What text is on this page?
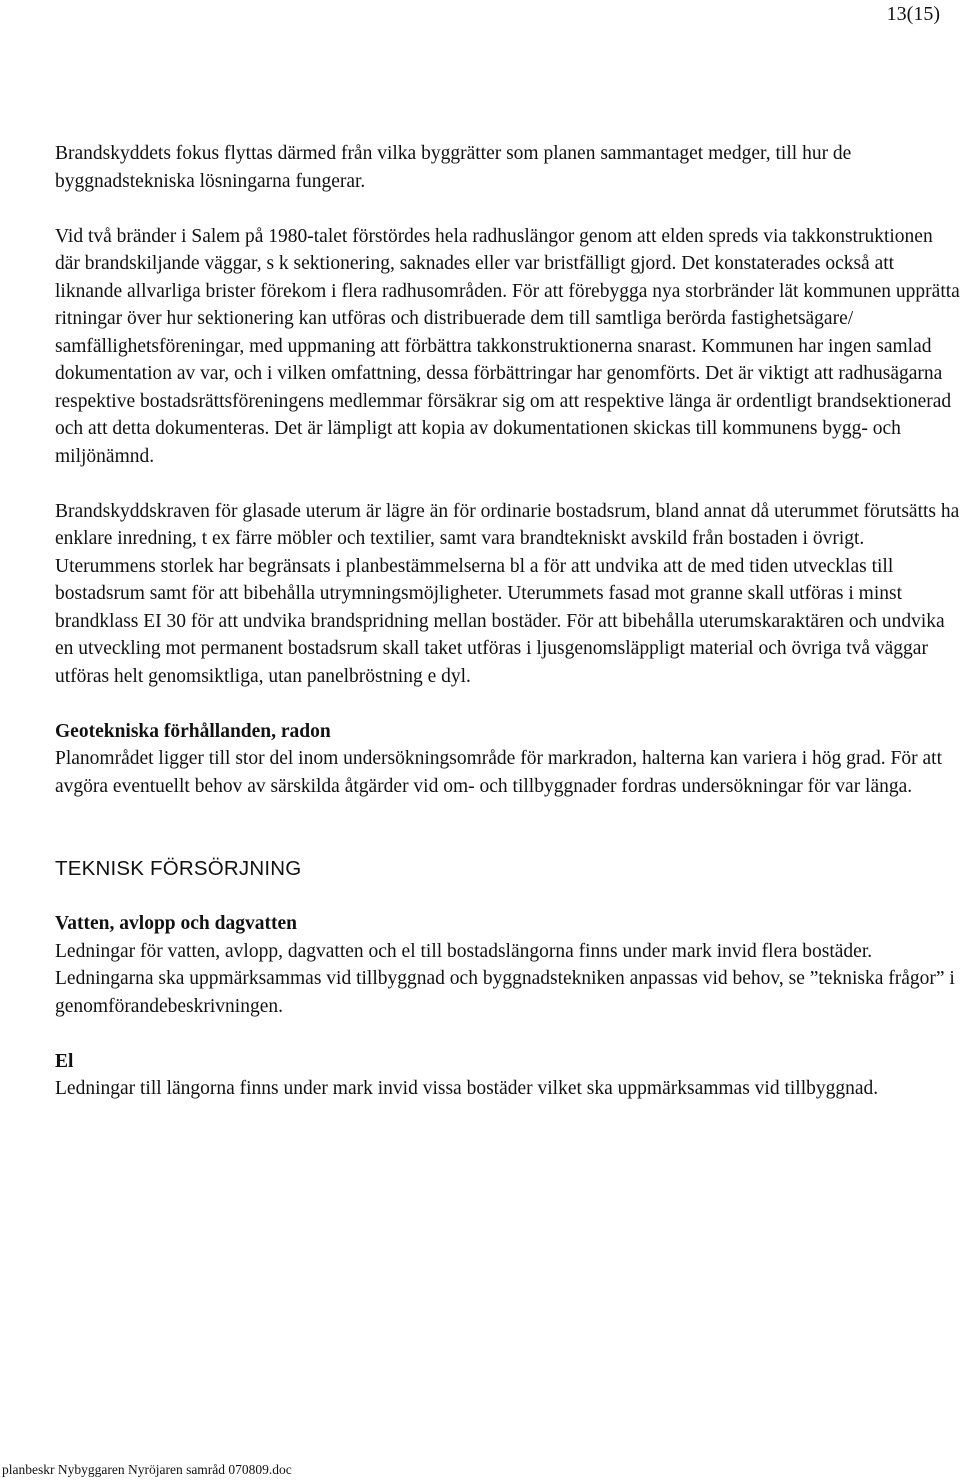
13(15)

Brandskyddets fokus flyttas därmed från vilka byggrätter som planen sammantaget medger, till hur de byggnadstekniska lösningarna fungerar.

Vid två bränder i Salem på 1980-talet förstördes hela radhuslängor genom att elden spreds via takkonstruktionen där brandskiljande väggar, s k sektionering, saknades eller var bristfälligt gjord. Det konstaterades också att liknande allvarliga brister förekom i flera radhusområden. För att förebygga nya storbränder lät kommunen upprätta ritningar över hur sektionering kan utföras och distribuerade dem till samtliga berörda fastighetsägare/ samfällighetsföreningar, med uppmaning att förbättra takkonstruktionerna snarast. Kommunen har ingen samlad dokumentation av var, och i vilken omfattning, dessa förbättringar har genomförts. Det är viktigt att radhusägarna respektive bostadsrättsföreningens medlemmar försäkrar sig om att respektive länga är ordentligt brandsektionerad och att detta dokumenteras. Det är lämpligt att kopia av dokumentationen skickas till kommunens bygg- och miljönämnd.

Brandskyddskraven för glasade uterum är lägre än för ordinarie bostadsrum, bland annat då uterummet förutsätts ha enklare inredning, t ex färre möbler och textilier, samt vara brandtekniskt avskild från bostaden i övrigt. Uterummens storlek har begränsats i planbestämmelserna bl a för att undvika att de med tiden utvecklas till bostadsrum samt för att bibehålla utrymningsmöjligheter. Uterummets fasad mot granne skall utföras i minst brandklass EI 30 för att undvika brandspridning mellan bostäder. För att bibehålla uterumskaraktären och undvika en utveckling mot permanent bostadsrum skall taket utföras i ljusgenomsläppligt material och övriga två väggar utföras helt genomsiktliga, utan panelbröstning e dyl.

Geotekniska förhållanden, radon

Planområdet ligger till stor del inom undersökningsområde för markradon, halterna kan variera i hög grad. För att avgöra eventuellt behov av särskilda åtgärder vid om- och tillbyggnader fordras undersökningar för var länga.

TEKNISK FÖRSÖRJNING

Vatten, avlopp och dagvatten

Ledningar för vatten, avlopp, dagvatten och el till bostadslängorna finns under mark invid flera bostäder. Ledningarna ska uppmärksammas vid tillbyggnad och byggnadstekniken anpassas vid behov, se ”tekniska frågor” i genomförandebeskrivningen.

El

Ledningar till längorna finns under mark invid vissa bostäder vilket ska uppmärksammas vid tillbyggnad.

planbeskr Nybyggaren Nyröjaren samråd 070809.doc
